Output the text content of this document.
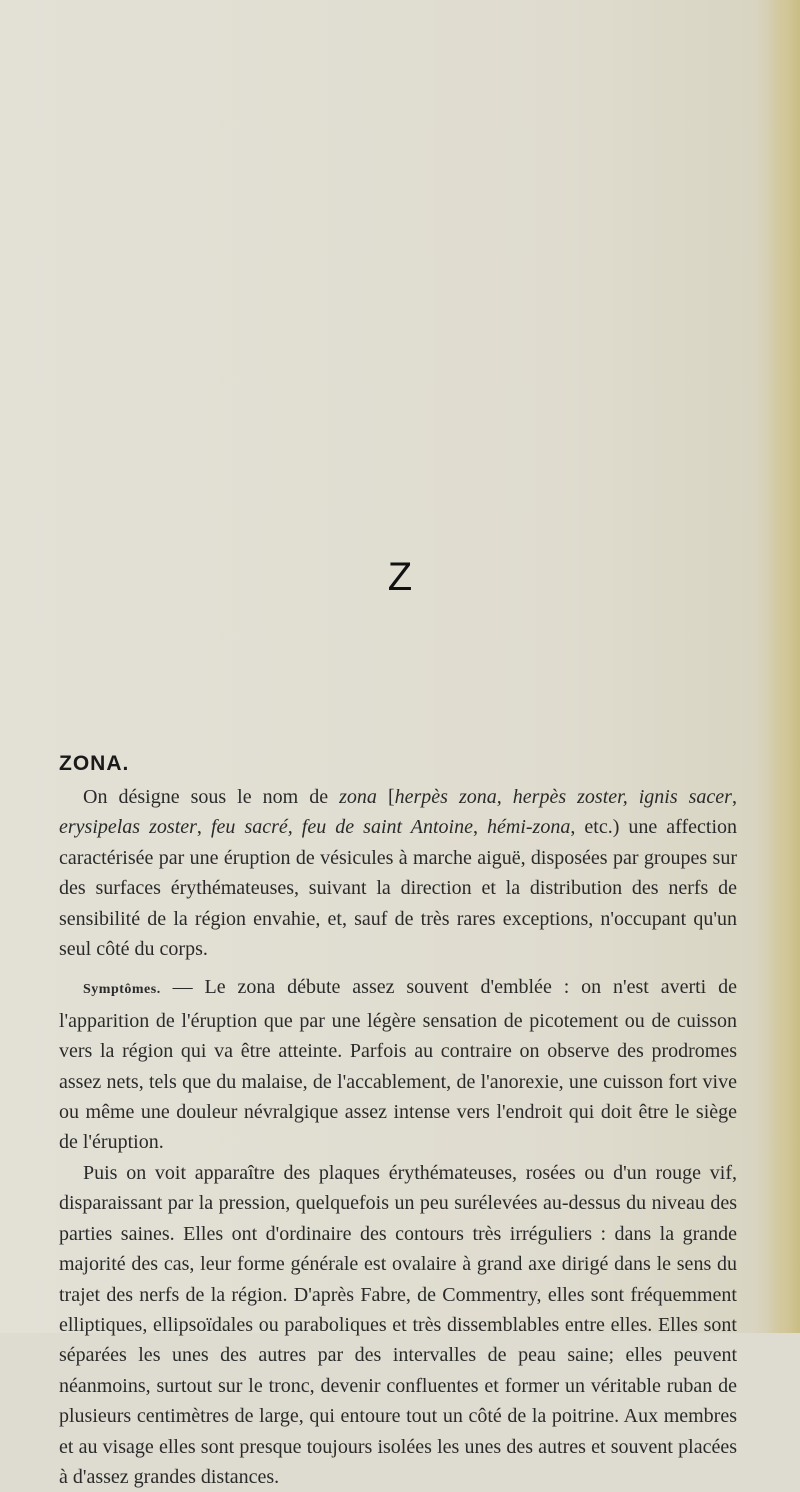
Z
ZONA.

On désigne sous le nom de zona [herpès zona, herpès zoster, ignis sacer, erysipelas zoster, feu sacré, feu de saint Antoine, hémi-zona, etc.) une affection caractérisée par une éruption de vésicules à marche aiguë, disposées par groupes sur des surfaces érythémateuses, suivant la direction et la distribution des nerfs de sensibilité de la région envahie, et, sauf de très rares exceptions, n'occupant qu'un seul côté du corps.

Symptômes. — Le zona débute assez souvent d'emblée : on n'est averti de l'apparition de l'éruption que par une légère sensation de picotement ou de cuisson vers la région qui va être atteinte. Parfois au contraire on observe des prodromes assez nets, tels que du malaise, de l'accablement, de l'anorexie, une cuisson fort vive ou même une douleur névralgique assez intense vers l'endroit qui doit être le siège de l'éruption.

Puis on voit apparaître des plaques érythémateuses, rosées ou d'un rouge vif, disparaissant par la pression, quelquefois un peu surélevées au-dessus du niveau des parties saines. Elles ont d'ordinaire des contours très irréguliers : dans la grande majorité des cas, leur forme générale est ovalaire à grand axe dirigé dans le sens du trajet des nerfs de la région. D'après Fabre, de Commentry, elles sont fréquemment elliptiques, ellipsoïdales ou paraboliques et très dissemblables entre elles. Elles sont séparées les unes des autres par des intervalles de peau saine; elles peuvent néanmoins, surtout sur le tronc, devenir confluentes et former un véritable ruban de plusieurs centimètres de large, qui entoure tout un côté de la poitrine. Aux membres et au visage elles sont presque toujours isolées les unes des autres et souvent placées à d'assez grandes distances.
